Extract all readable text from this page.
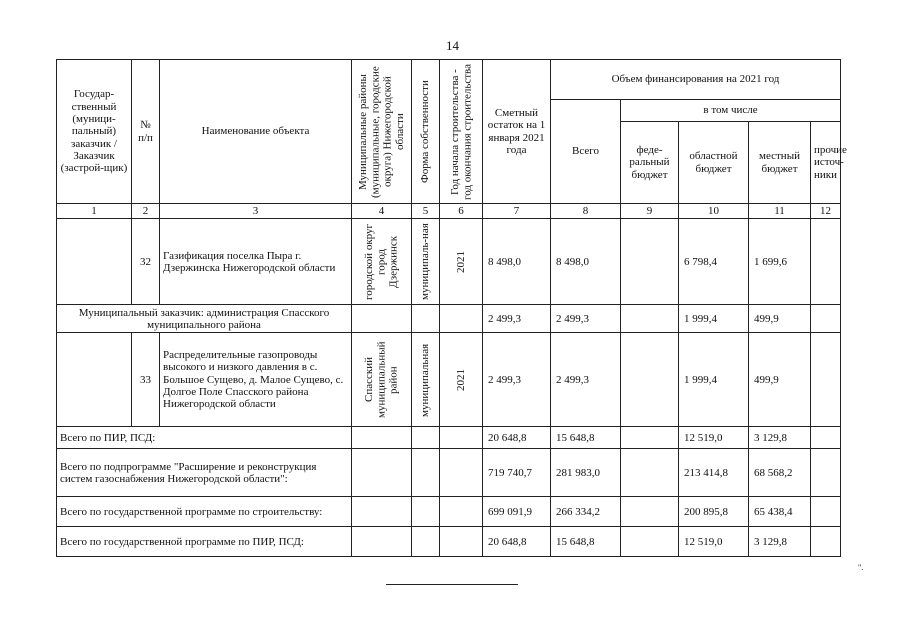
14
Государ-ственный (муници-пальный) заказчик / Заказчик (застрой-щик)	№ п/п	Наименование объекта	Муниципальные районы (муниципальные, городские округа) Нижегородской области	Форма собственности	Год начала строительства - год окончания строительства	Сметный остаток на 1 января 2021 года	Объем финансирования на 2021 год				
							Всего	в том числе			
								феде-ральный бюджет	областной бюджет	местный бюджет	прочие источ-ники
1	2	3	4	5	6	7	8	9	10	11	12
	32	Газификация поселка Пыра г. Дзержинска Нижегородской области	городской округ город Дзержинск	муниципаль-ная	2021	8 498,0	8 498,0		6 798,4	1 699,6	
Муниципальный заказчик: администрация Спасского муниципального района						2 499,3	2 499,3		1 999,4	499,9	
	33	Распределительные газопроводы высокого и низкого давления в с. Большое Сущево, д. Малое Сущево, с. Долгое Поле Спасского района Нижегородской области	Спасский муниципальный район	муниципальная	2021	2 499,3	2 499,3		1 999,4	499,9	
Всего по ПИР, ПСД:						20 648,8	15 648,8		12 519,0	3 129,8	
Всего по подпрограмме "Расширение и реконструкция систем газоснабжения Нижегородской области":						719 740,7	281 983,0		213 414,8	68 568,2	
Всего по государственной программе по строительству:						699 091,9	266 334,2		200 895,8	65 438,4	
Всего по государственной программе по ПИР, ПСД:						20 648,8	15 648,8		12 519,0	3 129,8	
".
